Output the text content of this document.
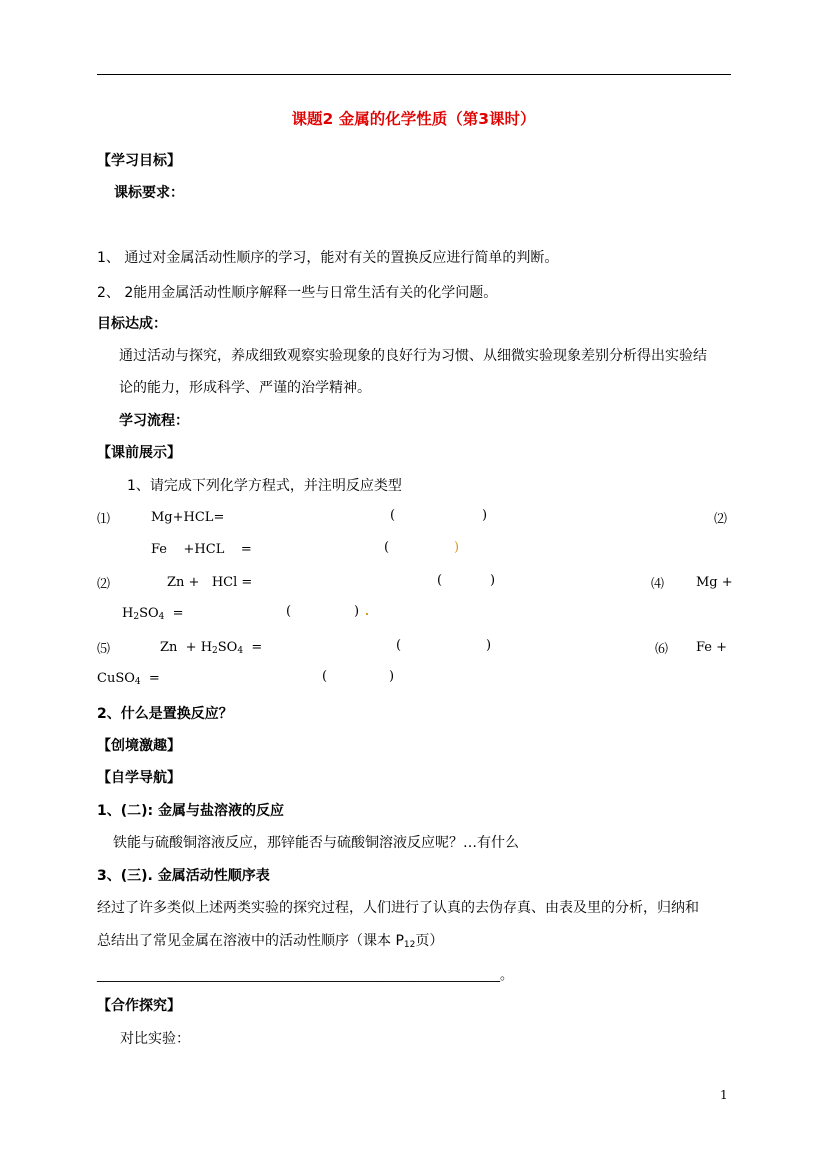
课题2 金属的化学性质（第3课时）
【学习目标】
课标要求：
1、 通过对金属活动性顺序的学习，能对有关的置换反应进行简单的判断。
2、 2能用金属活动性顺序解释一些与日常生活有关的化学问题。
目标达成：
通过活动与探究，养成细致观察实验现象的良好行为习惯、从细微实验现象差别分析得出实验结
论的能力，形成科学、严谨的治学精神。
学习流程：
【课前展示】
1、请完成下列化学方程式，并注明反应类型
⑴	Mg+HCL=	(	)	⑵
Fe    +HCL    =	(	)
⑵	Zn +   HCl =	(	)	⑷ Mg +
$H_2SO_4$  =	(	)
⑸	$Zn + H_2SO_4$  =	(	)	⑹ Fe +
CuSO$_4$  =	(	)
2、什么是置换反应？
【创境激趣】
【自学导航】
1、(二): 金属与盐溶液的反应
铁能与硫酸铜溶液反应，那锌能否与硫酸铜溶液反应呢？…有什么
3、(三). 金属活动性顺序表
经过了许多类似上述两类实验的探究过程，人们进行了认真的去伪存真、由表及里的分析，归纳和
总结出了常见金属在溶液中的活动性顺序（课本 $P_{12}$页）
______________________________________________________________。
【合作探究】
对比实验：
1
